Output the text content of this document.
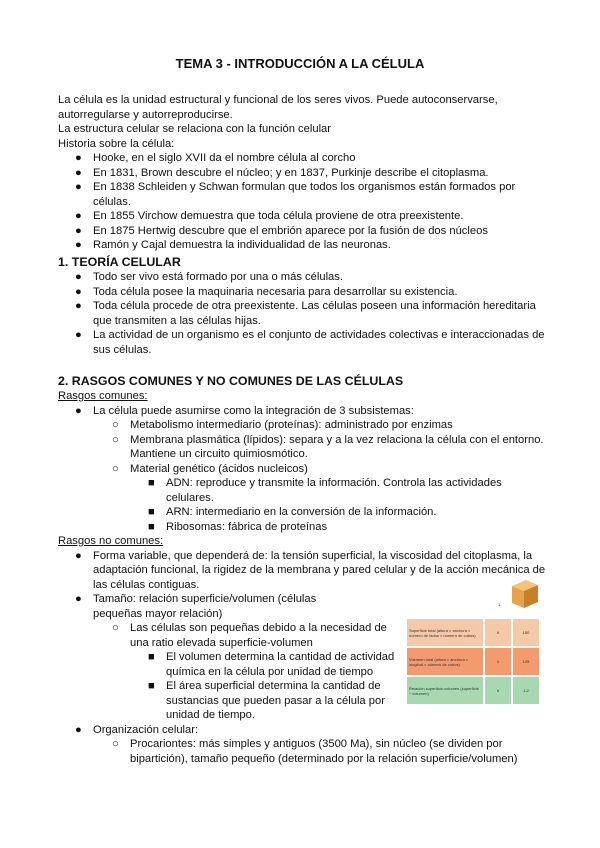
TEMA 3 - INTRODUCCIÓN A LA CÉLULA

La célula es la unidad estructural y funcional de los seres vivos. Puede autoconservarse, autorregularse y autorreproducirse.

La estructura celular se relaciona con la función celular

Historia sobre la célula:

● Hooke, en el siglo XVII da el nombre célula al corcho
● En 1831, Brown descubre el núcleo; y en 1837, Purkinje describe el citoplasma.
● En 1838 Schleiden y Schwan formulan que todos los organismos están formados por células.
● En 1855 Virchow demuestra que toda célula proviene de otra preexistente.
● En 1875 Hertwig descubre que el embrión aparece por la fusión de dos núcleos
● Ramón y Cajal demuestra la individualidad de las neuronas.
1. TEORÍA CELULAR
● Todo ser vivo está formado por una o más células.
● Toda célula posee la maquinaria necesaria para desarrollar su existencia.
● Toda célula procede de otra preexistente. Las células poseen una información hereditaria que transmiten a las células hijas.
● La actividad de un organismo es el conjunto de actividades colectivas e interaccionadas de sus células.
2. RASGOS COMUNES Y NO COMUNES DE LAS CÉLULAS

Rasgos comunes:

● La célula puede asumirse como la integración de 3 subsistemas:
○ Metabolismo intermediario (proteínas): administrado por enzimas
○ Membrana plasmática (lípidos): separa y a la vez relaciona la célula con el entorno. Mantiene un circuito quimiosmótico.
○ Material genético (ácidos nucleicos)
■ ADN: reproduce y transmite la información. Controla las actividades celulares.
■ ARN: intermediario en la conversión de la información.
■ Ribosomas: fábrica de proteínas

Rasgos no comunes:

● Forma variable, que dependerá de: la tensión superficial, la viscosidad del citoplasma, la adaptación funcional, la rigidez de la membrana y pared celular y de la acción mecánica de las células contiguas.
● Tamaño: relación superficie/volumen (células pequeñas mayor relación)
○ Las células son pequeñas debido a la necesidad de una ratio elevada superficie-volumen
■ El volumen determina la cantidad de actividad química en la célula por unidad de tiempo
■ El área superficial determina la cantidad de sustancias que pueden pasar a la célula por unidad de tiempo.
● Organización celular:
○ Procariontes: más simples y antiguos (3500 Ma), sin núcleo (se dividen por bipartición), tamaño pequeño (determinado por la relación superficie/volumen)
1
Superficie total (altura × anchura × número de lados × número de cubos)	6	150
Volumen total (altura × anchura × longitud × número de cubos)	1	125
Relación superficie-volumen (superficie ÷ volumen)	6	1,2
